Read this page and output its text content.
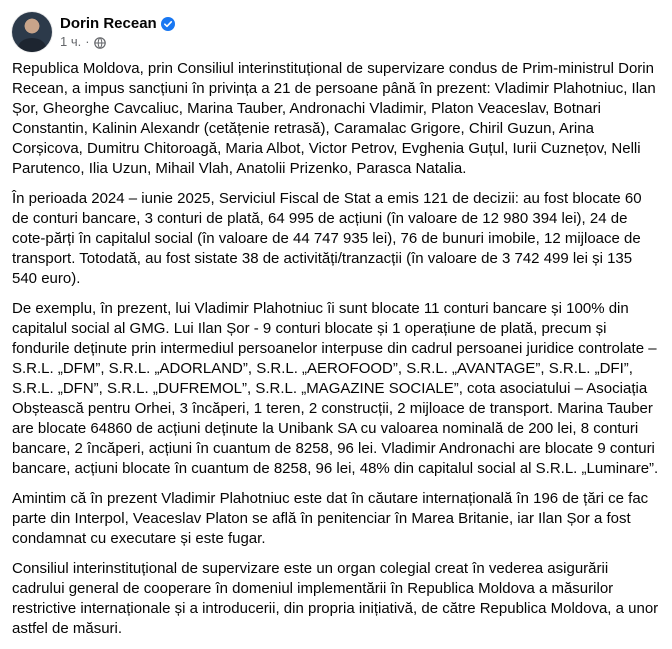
Dorin Recean
1 ч. ·

Republica Moldova, prin Consiliul interinstituțional de supervizare condus de Prim-ministrul Dorin Recean, a impus sancțiuni în privința a 21 de persoane până în prezent: Vladimir Plahotniuc, Ilan Șor, Gheorghe Cavcaliuc, Marina Tauber, Andronachi Vladimir, Platon Veaceslav, Botnari Constantin, Kalinin Alexandr (cetățenie retrasă), Caramalac Grigore, Chiril Guzun, Arina Corșicova, Dumitru Chitoroagă, Maria Albot, Victor Petrov, Evghenia Guțul, Iurii Cuznețov, Nelli Parutenco, Ilia Uzun, Mihail Vlah, Anatolii Prizenko, Parasca Natalia.

În perioada 2024 – iunie 2025, Serviciul Fiscal de Stat a emis 121 de decizii: au fost blocate 60 de conturi bancare, 3 conturi de plată, 64 995 de acțiuni (în valoare de 12 980 394 lei), 24 de cote-părți în capitalul social (în valoare de 44 747 935 lei), 76 de bunuri imobile, 12 mijloace de transport. Totodată, au fost sistate 38 de activități/tranzacții (în valoare de 3 742 499 lei și 135 540 euro).

De exemplu, în prezent, lui Vladimir Plahotniuc îi sunt blocate 11 conturi bancare și 100% din capitalul social al GMG. Lui Ilan Șor - 9 conturi blocate și 1 operațiune de plată, precum și fondurile deținute prin intermediul persoanelor interpuse din cadrul persoanei juridice controlate – S.R.L. „DFM”, S.R.L. „ADORLAND”, S.R.L. „AEROFOOD”, S.R.L. „AVANTAGE”, S.R.L. „DFI”, S.R.L. „DFN”, S.R.L. „DUFREMOL”, S.R.L. „MAGAZINE SOCIALE”, cota asociatului – Asociația Obștească pentru Orhei, 3 încăperi, 1 teren, 2 construcții, 2 mijloace de transport. Marina Tauber are blocate 64860 de acțiuni deținute la Unibank SA cu valoarea nominală de 200 lei, 8 conturi bancare, 2 încăperi, acțiuni în cuantum de 8258, 96 lei. Vladimir Andronachi are blocate 9 conturi bancare, acțiuni blocate în cuantum de 8258, 96 lei, 48% din capitalul social al S.R.L. „Luminare”.

Amintim că în prezent Vladimir Plahotniuc este dat în căutare internațională în 196 de țări ce fac parte din Interpol, Veaceslav Platon se află în penitenciar în Marea Britanie, iar Ilan Șor a fost condamnat cu executare și este fugar.

Consiliul interinstituțional de supervizare este un organ colegial creat în vederea asigurării cadrului general de cooperare în domeniul implementării în Republica Moldova a măsurilor restrictive internaționale și a introducerii, din propria inițiativă, de către Republica Moldova, a unor astfel de măsuri.
